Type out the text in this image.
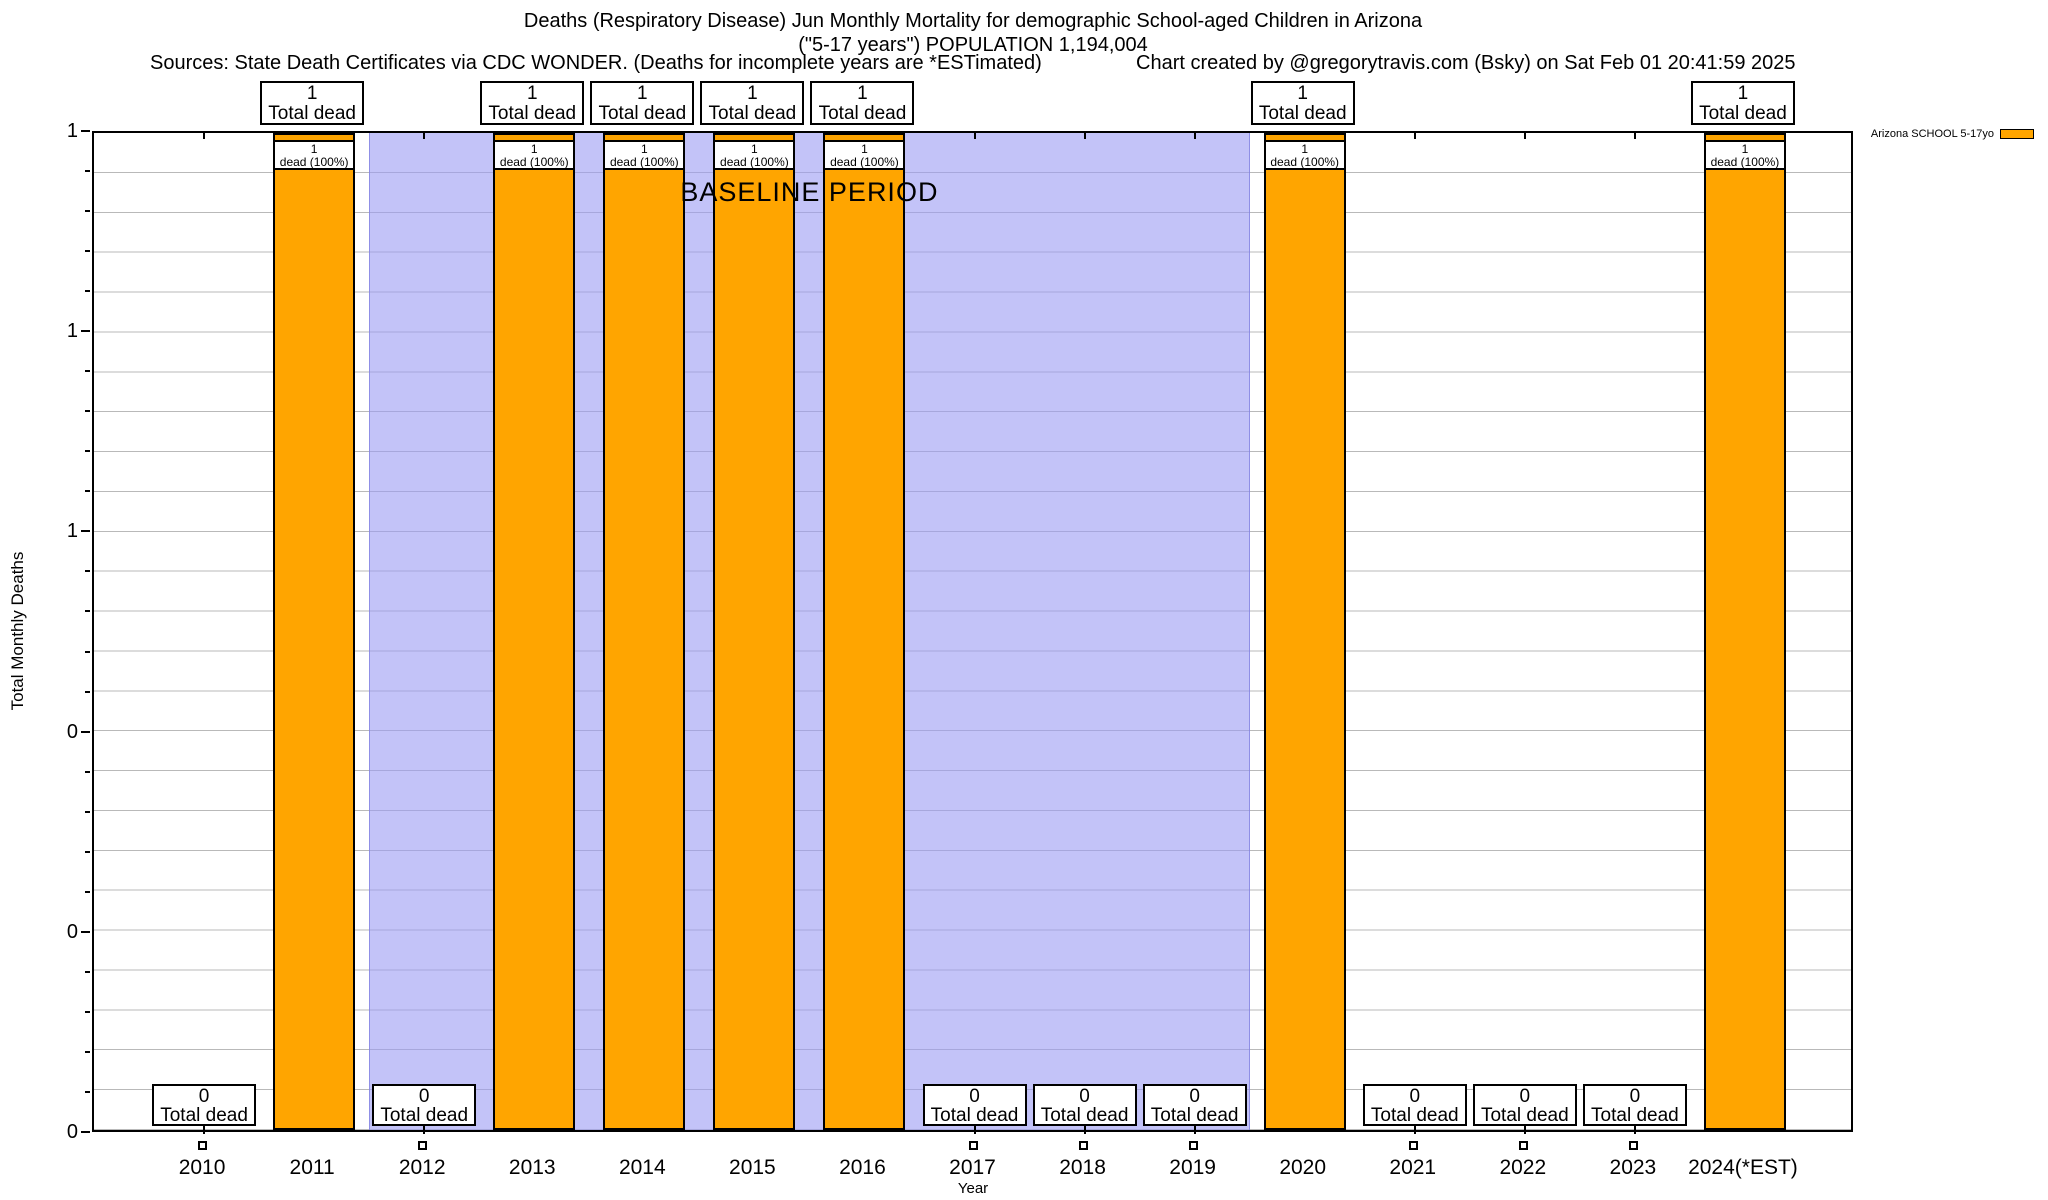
Deaths (Respiratory Disease) Jun Monthly Mortality for demographic School-aged Children in Arizona
("5-17 years") POPULATION 1,194,004
Sources: State Death Certificates via CDC WONDER. (Deaths for incomplete years are *ESTimated)	Chart created by @gregorytravis.com (Bsky) on Sat Feb 01 20:41:59 2025
Arizona SCHOOL 5-17yo
Total Monthly Deaths
BASELINE PERIOD
0
Total dead
1
dead (100%)
0
Total dead
1
dead (100%)
1
dead (100%)
1
dead (100%)
1
dead (100%)
0
Total dead
0
Total dead
0
Total dead
1
dead (100%)
0
Total dead
0
Total dead
0
Total dead
1
dead (100%)
Year
2010
1
Total dead
2011	2012
1
Total dead
2013
1
Total dead
2014
1
Total dead
2015
1
Total dead
2016	2017	2018	2019
1
Total dead
2020	2021	2022	2023
1
Total dead
2024(*EST)
1
1
1
0
0
0
